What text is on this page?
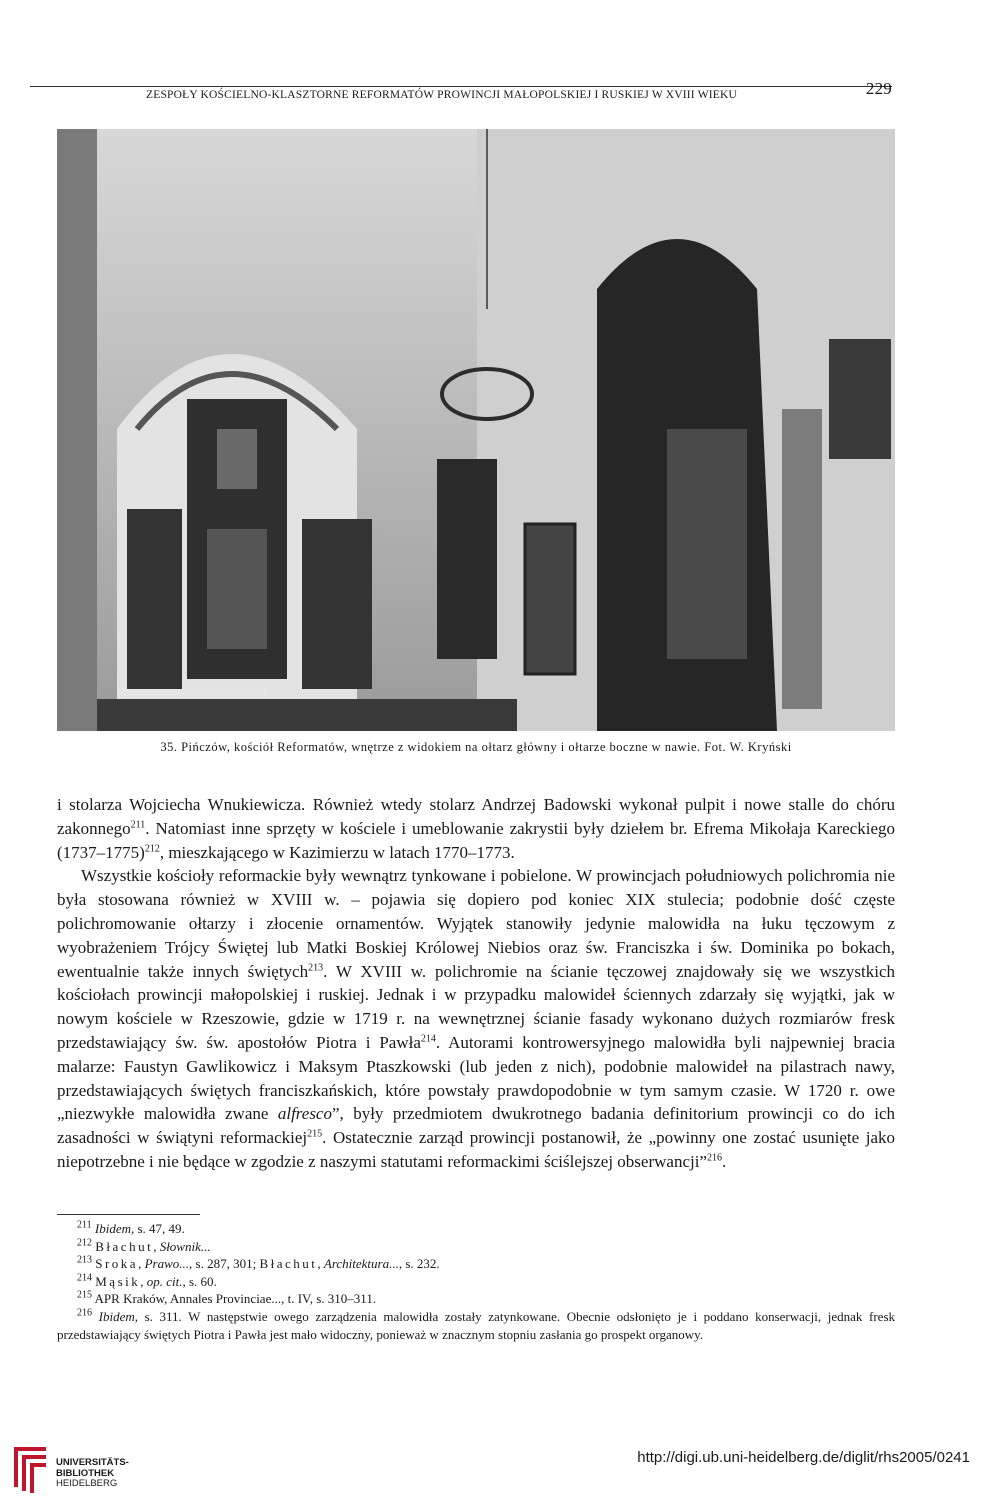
ZESPOŁY KOŚCIELNO-KLASZTORNE REFORMATÓW PROWINCJI MAŁOPOLSKIEJ I RUSKIEJ W XVIII WIEKU	229
35. Pińczów, kościół Reformatów, wnętrze z widokiem na ołtarz główny i ołtarze boczne w nawie. Fot. W. Kryński

i stolarza Wojciecha Wnukiewicza. Również wtedy stolarz Andrzej Badowski wykonał pulpit i nowe stalle do chóru zakonnego$^{211}$. Natomiast inne sprzęty w kościele i umeblowanie zakrystii były dziełem br. Efrema Mikołaja Kareckiego (1737–1775)$^{212}$, mieszkającego w Kazimierzu w latach 1770–1773.

Wszystkie kościoły reformackie były wewnątrz tynkowane i pobielone. W prowincjach południowych polichromia nie była stosowana również w XVIII w. – pojawia się dopiero pod koniec XIX stulecia; podobnie dość częste polichromowanie ołtarzy i złocenie ornamentów. Wyjątek stanowiły jedynie malowidła na łuku tęczowym z wyobrażeniem Trójcy Świętej lub Matki Boskiej Królowej Niebios oraz św. Franciszka i św. Dominika po bokach, ewentualnie także innych świętych$^{213}$. W XVIII w. polichromie na ścianie tęczowej znajdowały się we wszystkich kościołach prowincji małopolskiej i ruskiej. Jednak i w przypadku malowideł ściennych zdarzały się wyjątki, jak w nowym kościele w Rzeszowie, gdzie w 1719 r. na wewnętrznej ścianie fasady wykonano dużych rozmiarów fresk przedstawiający św. św. apostołów Piotra i Pawła$^{214}$. Autorami kontrowersyjnego malowidła byli najpewniej bracia malarze: Faustyn Gawlikowicz i Maksym Ptaszkowski (lub jeden z nich), podobnie malowideł na pilastrach nawy, przedstawiających świętych franciszkańskich, które powstały prawdopodobnie w tym samym czasie. W 1720 r. owe „niezwykłe malowidła zwane alfresco”, były przedmiotem dwukrotnego badania definitorium prowincji co do ich zasadności w świątyni reformackiej$^{215}$. Ostatecznie zarząd prowincji postanowił, że „powinny one zostać usunięte jako niepotrzebne i nie będące w zgodzie z naszymi statutami reformackimi ściślejszej obserwancji”$^{216}$.

$^{211}$ Ibidem, s. 47, 49.

$^{212}$ Błachut, Słownik...

$^{213}$ Sroka, Prawo..., s. 287, 301; Błachut, Architektura..., s. 232.

$^{214}$ Mąsik, op. cit., s. 60.

$^{215}$ APR Kraków, Annales Provinciae..., t. IV, s. 310–311.

$^{216}$ Ibidem, s. 311. W następstwie owego zarządzenia malowidła zostały zatynkowane. Obecnie odsłonięto je i poddano konserwacji, jednak fresk przedstawiający świętych Piotra i Pawła jest mało widoczny, ponieważ w znacznym stopniu zasłania go prospekt organowy.

UNIVERSITÄTS-
BIBLIOTHEK
HEIDELBERG
http://digi.ub.uni-heidelberg.de/diglit/rhs2005/0241
